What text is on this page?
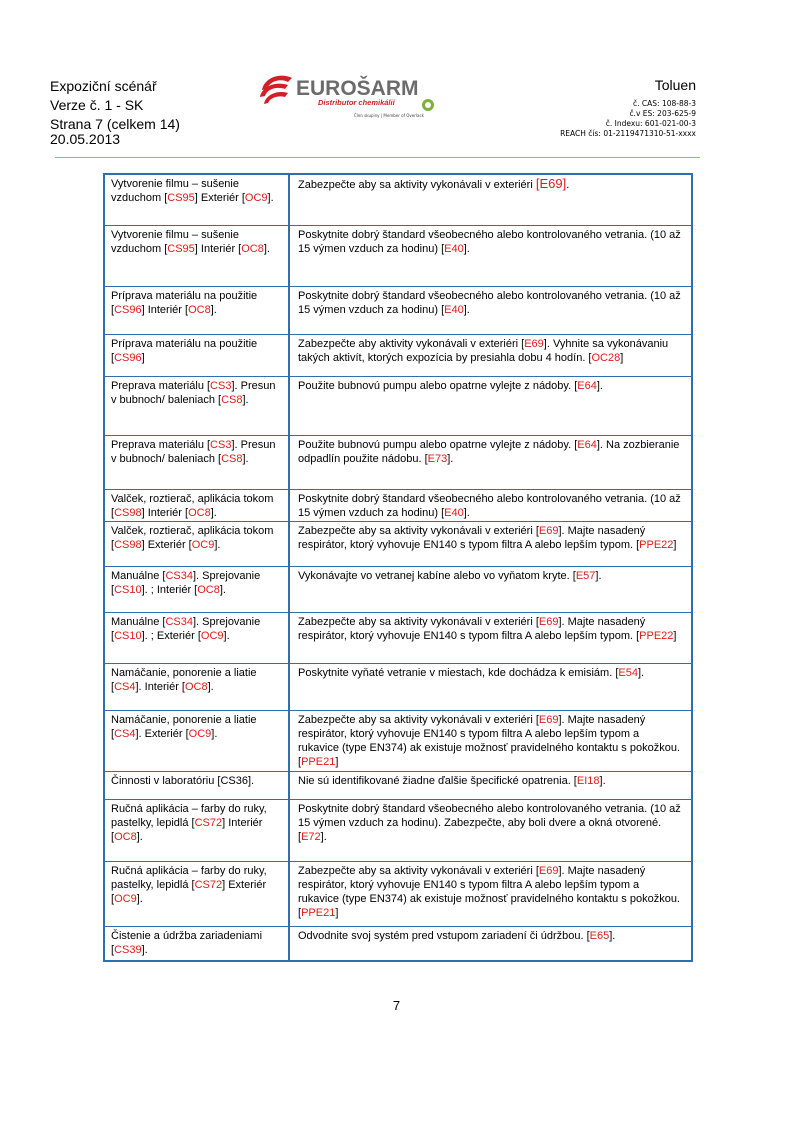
Expoziční scénář
Verze č. 1 - SK
Strana 7 (celkem 14)
20.05.2013
EUROŠARM
Distributor chemikálií
Člen skupiny | Member of Overlack
Toluen
č. CAS: 108-88-3
č.v ES: 203-625-9
č. Indexu: 601-021-00-3
REACH čís: 01-2119471310-51-xxxx
Vytvorenie filmu – sušenie vzduchom [CS95] Exteriér [OC9].
Zabezpečte aby sa aktivity vykonávali v exteriéri [E69].
Vytvorenie filmu – sušenie vzduchom [CS95] Interiér [OC8].
Poskytnite dobrý štandard všeobecného alebo kontrolovaného vetrania. (10 až 15 výmen vzduch za hodinu) [E40].
Príprava materiálu na použitie [CS96] Interiér [OC8].
Poskytnite dobrý štandard všeobecného alebo kontrolovaného vetrania. (10 až 15 výmen vzduch za hodinu) [E40].
Príprava materiálu na použitie [CS96]
Zabezpečte aby aktivity vykonávali v exteriéri [E69]. Vyhnite sa vykonávaniu takých aktivít, ktorých expozícia by presiahla dobu 4 hodín. [OC28]
Preprava materiálu [CS3]. Presun v bubnoch/ baleniach [CS8].
Použite bubnovú pumpu alebo opatrne vylejte z nádoby. [E64].
Preprava materiálu [CS3]. Presun v bubnoch/ baleniach [CS8].
Použite bubnovú pumpu alebo opatrne vylejte z nádoby. [E64]. Na zozbieranie odpadlín použite nádobu. [E73].
Valček, roztierač, aplikácia tokom [CS98] Interiér [OC8].
Poskytnite dobrý štandard všeobecného alebo kontrolovaného vetrania. (10 až 15 výmen vzduch za hodinu) [E40].
Valček, roztierač, aplikácia tokom [CS98] Exteriér [OC9].
Zabezpečte aby sa aktivity vykonávali v exteriéri [E69]. Majte nasadený respirátor, ktorý vyhovuje EN140 s typom filtra A alebo lepším typom. [PPE22]
Manuálne [CS34]. Sprejovanie [CS10]. ; Interiér [OC8].
Vykonávajte vo vetranej kabíne alebo vo vyňatom kryte. [E57].
Manuálne [CS34]. Sprejovanie [CS10]. ; Exteriér [OC9].
Zabezpečte aby sa aktivity vykonávali v exteriéri [E69]. Majte nasadený respirátor, ktorý vyhovuje EN140 s typom filtra A alebo lepším typom. [PPE22]
Namáčanie, ponorenie a liatie [CS4]. Interiér [OC8].
Poskytnite vyňaté vetranie v miestach, kde dochádza k emisiám. [E54].
Namáčanie, ponorenie a liatie [CS4]. Exteriér [OC9].
Zabezpečte aby sa aktivity vykonávali v exteriéri [E69]. Majte nasadený respirátor, ktorý vyhovuje EN140 s typom filtra A alebo lepším typom a rukavice (type EN374) ak existuje možnosť pravidelného kontaktu s pokožkou. [PPE21]
Činnosti v laboratóriu [CS36].	Nie sú identifikované žiadne ďalšie špecifické opatrenia. [EI18].
Ručná aplikácia – farby do ruky, pastelky, lepidlá [CS72] Interiér [OC8].
Poskytnite dobrý štandard všeobecného alebo kontrolovaného vetrania. (10 až 15 výmen vzduch za hodinu). Zabezpečte, aby boli dvere a okná otvorené. [E72].
Ručná aplikácia – farby do ruky, pastelky, lepidlá [CS72] Exteriér [OC9].
Zabezpečte aby sa aktivity vykonávali v exteriéri [E69]. Majte nasadený respirátor, ktorý vyhovuje EN140 s typom filtra A alebo lepším typom a rukavice (type EN374) ak existuje možnosť pravidelného kontaktu s pokožkou. [PPE21]
Čistenie a údržba zariadeniami [CS39].
Odvodnite svoj systém pred vstupom zariadení či údržbou. [E65].
7
